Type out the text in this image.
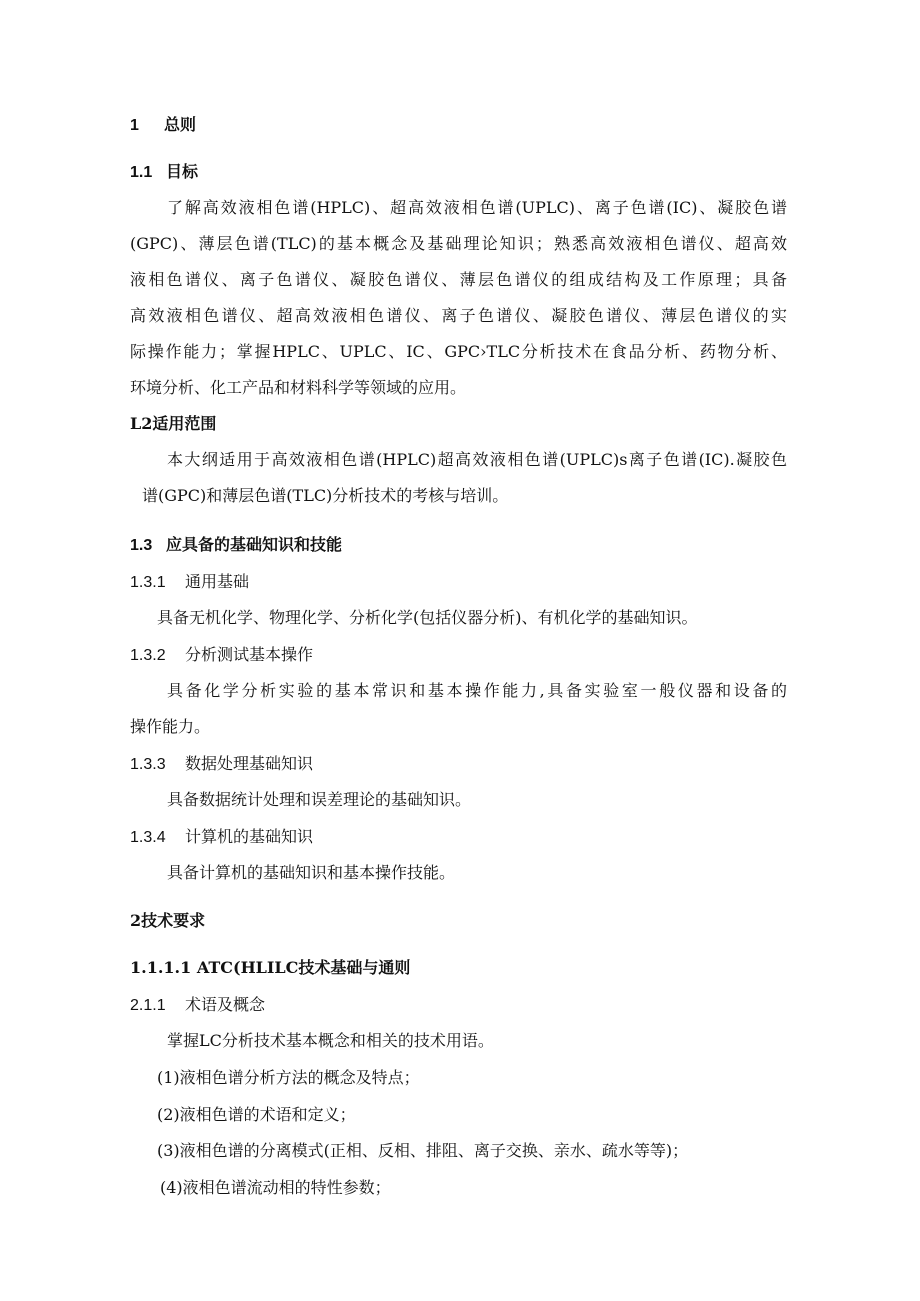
1 总则
1.1 目标
了解高效液相色谱(HPLC)、超高效液相色谱(UPLC)、离子色谱(IC)、凝胶色谱
(GPC)、薄层色谱(TLC)的基本概念及基础理论知识；熟悉高效液相色谱仪、超高效
液相色谱仪、离子色谱仪、凝胶色谱仪、薄层色谱仪的组成结构及工作原理；具备
高效液相色谱仪、超高效液相色谱仪、离子色谱仪、凝胶色谱仪、薄层色谱仪的实
际操作能力；掌握HPLC、UPLC、IC、GPC›TLC分析技术在食品分析、药物分析、
环境分析、化工产品和材料科学等领域的应用。
L2适用范围
本大纲适用于高效液相色谱(HPLC)超高效液相色谱(UPLC)s离子色谱(IC).凝胶色
谱(GPC)和薄层色谱(TLC)分析技术的考核与培训。
1.3 应具备的基础知识和技能
1.3.1 通用基础
具备无机化学、物理化学、分析化学(包括仪器分析)、有机化学的基础知识。
1.3.2 分析测试基本操作
具备化学分析实验的基本常识和基本操作能力,具备实验室一般仪器和设备的
操作能力。
1.3.3 数据处理基础知识
具备数据统计处理和误差理论的基础知识。
1.3.4 计算机的基础知识
具备计算机的基础知识和基本操作技能。
2技术要求
1.1.1.1 ATC(HLILC技术基础与通则
2.1.1 术语及概念
掌握LC分析技术基本概念和相关的技术用语。
(1)液相色谱分析方法的概念及特点；
(2)液相色谱的术语和定义；
(3)液相色谱的分离模式(正相、反相、排阻、离子交换、亲水、疏水等等)；
(4)液相色谱流动相的特性参数；
